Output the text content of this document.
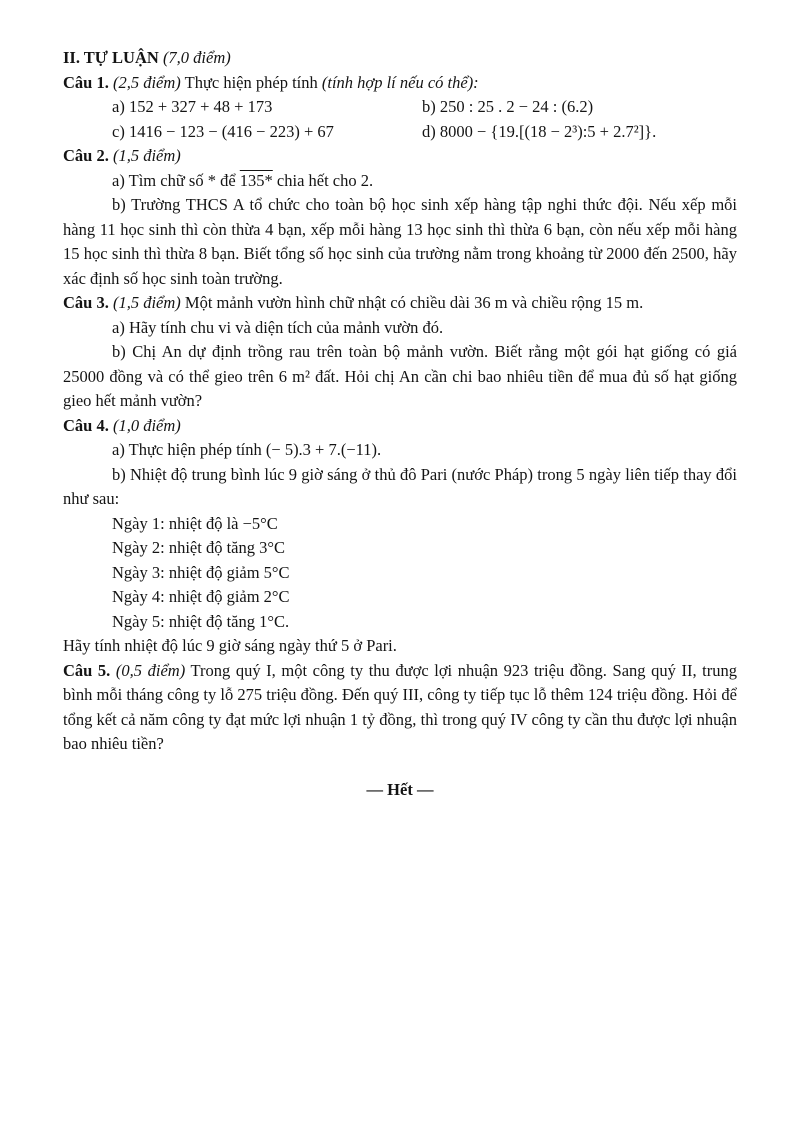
II. TỰ LUẬN (7,0 điểm)

Câu 1. (2,5 điểm) Thực hiện phép tính (tính hợp lí nếu có thể):

a) 152 + 327 + 48 + 173	b) 250 : 25 . 2 − 24 : (6.2)
c) 1416 − 123 − (416 − 223) + 67	d) 8000 − {19.[(18 − 2³):5 + 2.7²]}.

Câu 2. (1,5 điểm)

a) Tìm chữ số * để 135* chia hết cho 2.

b) Trường THCS A tổ chức cho toàn bộ học sinh xếp hàng tập nghi thức đội. Nếu xếp mỗi hàng 11 học sinh thì còn thừa 4 bạn, xếp mỗi hàng 13 học sinh thì thừa 6 bạn, còn nếu xếp mỗi hàng 15 học sinh thì thừa 8 bạn. Biết tổng số học sinh của trường nằm trong khoảng từ 2000 đến 2500, hãy xác định số học sinh toàn trường.

Câu 3. (1,5 điểm) Một mảnh vườn hình chữ nhật có chiều dài 36 m và chiều rộng 15 m.

a) Hãy tính chu vi và diện tích của mảnh vườn đó.

b) Chị An dự định trồng rau trên toàn bộ mảnh vườn. Biết rằng một gói hạt giống có giá 25000 đồng và có thể gieo trên 6 m² đất. Hỏi chị An cần chi bao nhiêu tiền để mua đủ số hạt giống gieo hết mảnh vườn?

Câu 4. (1,0 điểm)

a) Thực hiện phép tính (− 5).3 + 7.(−11).

b) Nhiệt độ trung bình lúc 9 giờ sáng ở thủ đô Pari (nước Pháp) trong 5 ngày liên tiếp thay đổi như sau:

Ngày 1: nhiệt độ là −5°C

Ngày 2: nhiệt độ tăng 3°C

Ngày 3: nhiệt độ giảm 5°C

Ngày 4: nhiệt độ giảm 2°C

Ngày 5: nhiệt độ tăng 1°C.

Hãy tính nhiệt độ lúc 9 giờ sáng ngày thứ 5 ở Pari.

Câu 5. (0,5 điểm) Trong quý I, một công ty thu được lợi nhuận 923 triệu đồng. Sang quý II, trung bình mỗi tháng công ty lỗ 275 triệu đồng. Đến quý III, công ty tiếp tục lỗ thêm 124 triệu đồng. Hỏi để tổng kết cả năm công ty đạt mức lợi nhuận 1 tỷ đồng, thì trong quý IV công ty cần thu được lợi nhuận bao nhiêu tiền?

— Hết —
